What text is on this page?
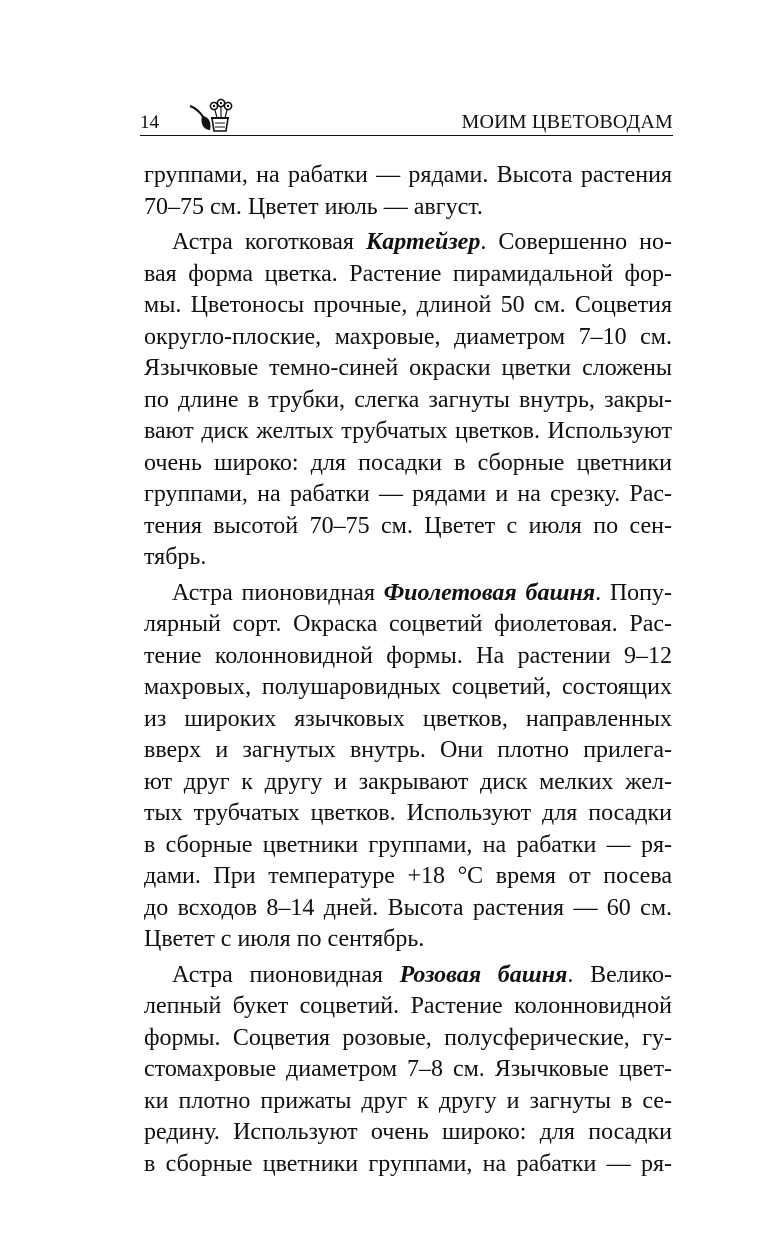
14	МОИМ ЦВЕТОВОДАМ
группами, на рабатки — рядами. Высота растения
70–75 см. Цветет июль — август.
Астра коготковая Картейзер. Совершенно но-
вая форма цветка. Растение пирамидальной фор-
мы. Цветоносы прочные, длиной 50 см. Соцветия
округло-плоские, махровые, диаметром 7–10 см.
Язычковые темно-синей окраски цветки сложены
по длине в трубки, слегка загнуты внутрь, закры-
вают диск желтых трубчатых цветков. Используют
очень широко: для посадки в сборные цветники
группами, на рабатки — рядами и на срезку. Рас-
тения высотой 70–75 см. Цветет с июля по сен-
тябрь.
Астра пионовидная Фиолетовая башня. Попу-
лярный сорт. Окраска соцветий фиолетовая. Рас-
тение колонновидной формы. На растении 9–12
махровых, полушаровидных соцветий, состоящих
из широких язычковых цветков, направленных
вверх и загнутых внутрь. Они плотно прилега-
ют друг к другу и закрывают диск мелких жел-
тых трубчатых цветков. Используют для посадки
в сборные цветники группами, на рабатки — ря-
дами. При температуре +18 °С время от посева
до всходов 8–14 дней. Высота растения — 60 см.
Цветет с июля по сентябрь.
Астра пионовидная Розовая башня. Велико-
лепный букет соцветий. Растение колонновидной
формы. Соцветия розовые, полусферические, гу-
стомахровые диаметром 7–8 см. Язычковые цвет-
ки плотно прижаты друг к другу и загнуты в се-
редину. Используют очень широко: для посадки
в сборные цветники группами, на рабатки — ря-
